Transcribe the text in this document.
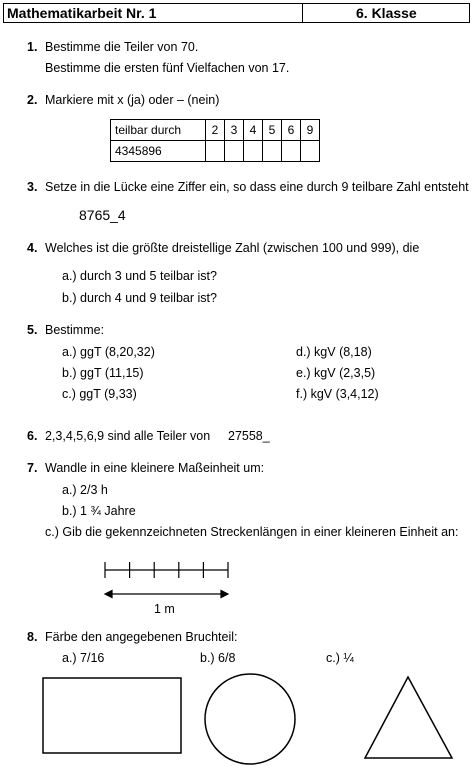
Mathematikarbeit Nr. 1	6. Klasse
1. Bestimme die Teiler von 70.
Bestimme die ersten fünf Vielfachen von 17.
2. Markiere mit x (ja) oder – (nein)
teilbar durch	2	3	4	5	6	9
4345896						
3. Setze in die Lücke eine Ziffer ein, so dass eine durch 9 teilbare Zahl entsteht
8765_4
4. Welches ist die größte dreistellige Zahl (zwischen 100 und 999), die
a.) durch 3 und 5 teilbar ist?
b.) durch 4 und 9 teilbar ist?
5. Bestimme:
a.) ggT (8,20,32)
b.) ggT (11,15)
c.) ggT (9,33)
d.) kgV (8,18)
e.) kgV (2,3,5)
f.) kgV (3,4,12)
6. 2,3,4,5,6,9 sind alle Teiler von 27558_
7. Wandle in eine kleinere Maßeinheit um:
a.) 2/3 h
b.) 1 ¾ Jahre
c.) Gib die gekennzeichneten Streckenlängen in einer kleineren Einheit an:
1 m
8. Färbe den angegebenen Bruchteil:
a.) 7/16	b.) 6/8	c.) ¼
